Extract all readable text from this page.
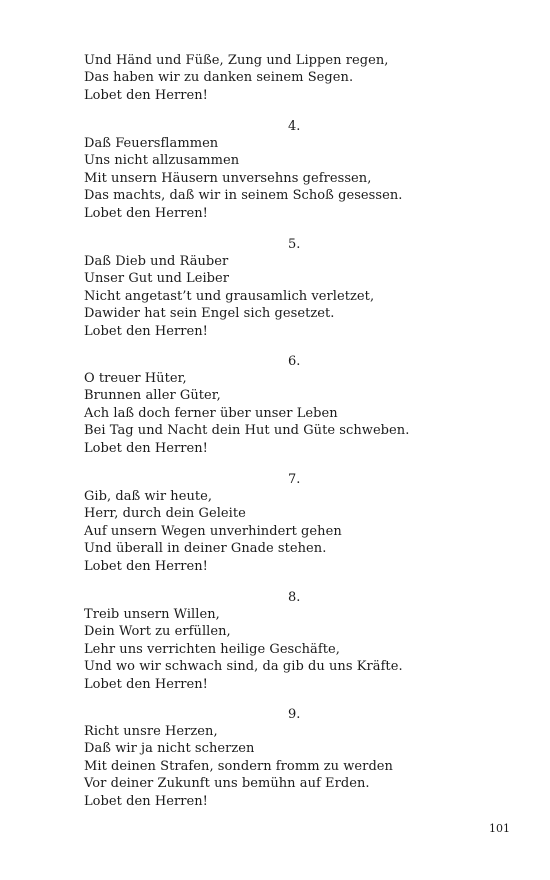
Und Händ und Füße, Zung und Lippen regen,
Das haben wir zu danken seinem Segen.
Lobet den Herren!
4.
Daß Feuersflammen
Uns nicht allzusammen
Mit unsern Häusern unversehns gefressen,
Das machts, daß wir in seinem Schoß gesessen.
Lobet den Herren!
5.
Daß Dieb und Räuber
Unser Gut und Leiber
Nicht angetast’t und grausamlich verletzet,
Dawider hat sein Engel sich gesetzet.
Lobet den Herren!
6.
O treuer Hüter,
Brunnen aller Güter,
Ach laß doch ferner über unser Leben
Bei Tag und Nacht dein Hut und Güte schweben.
Lobet den Herren!
7.
Gib, daß wir heute,
Herr, durch dein Geleite
Auf unsern Wegen unverhindert gehen
Und überall in deiner Gnade stehen.
Lobet den Herren!
8.
Treib unsern Willen,
Dein Wort zu erfüllen,
Lehr uns verrichten heilige Geschäfte,
Und wo wir schwach sind, da gib du uns Kräfte.
Lobet den Herren!
9.
Richt unsre Herzen,
Daß wir ja nicht scherzen
Mit deinen Strafen, sondern fromm zu werden
Vor deiner Zukunft uns bemühn auf Erden.
Lobet den Herren!
101
